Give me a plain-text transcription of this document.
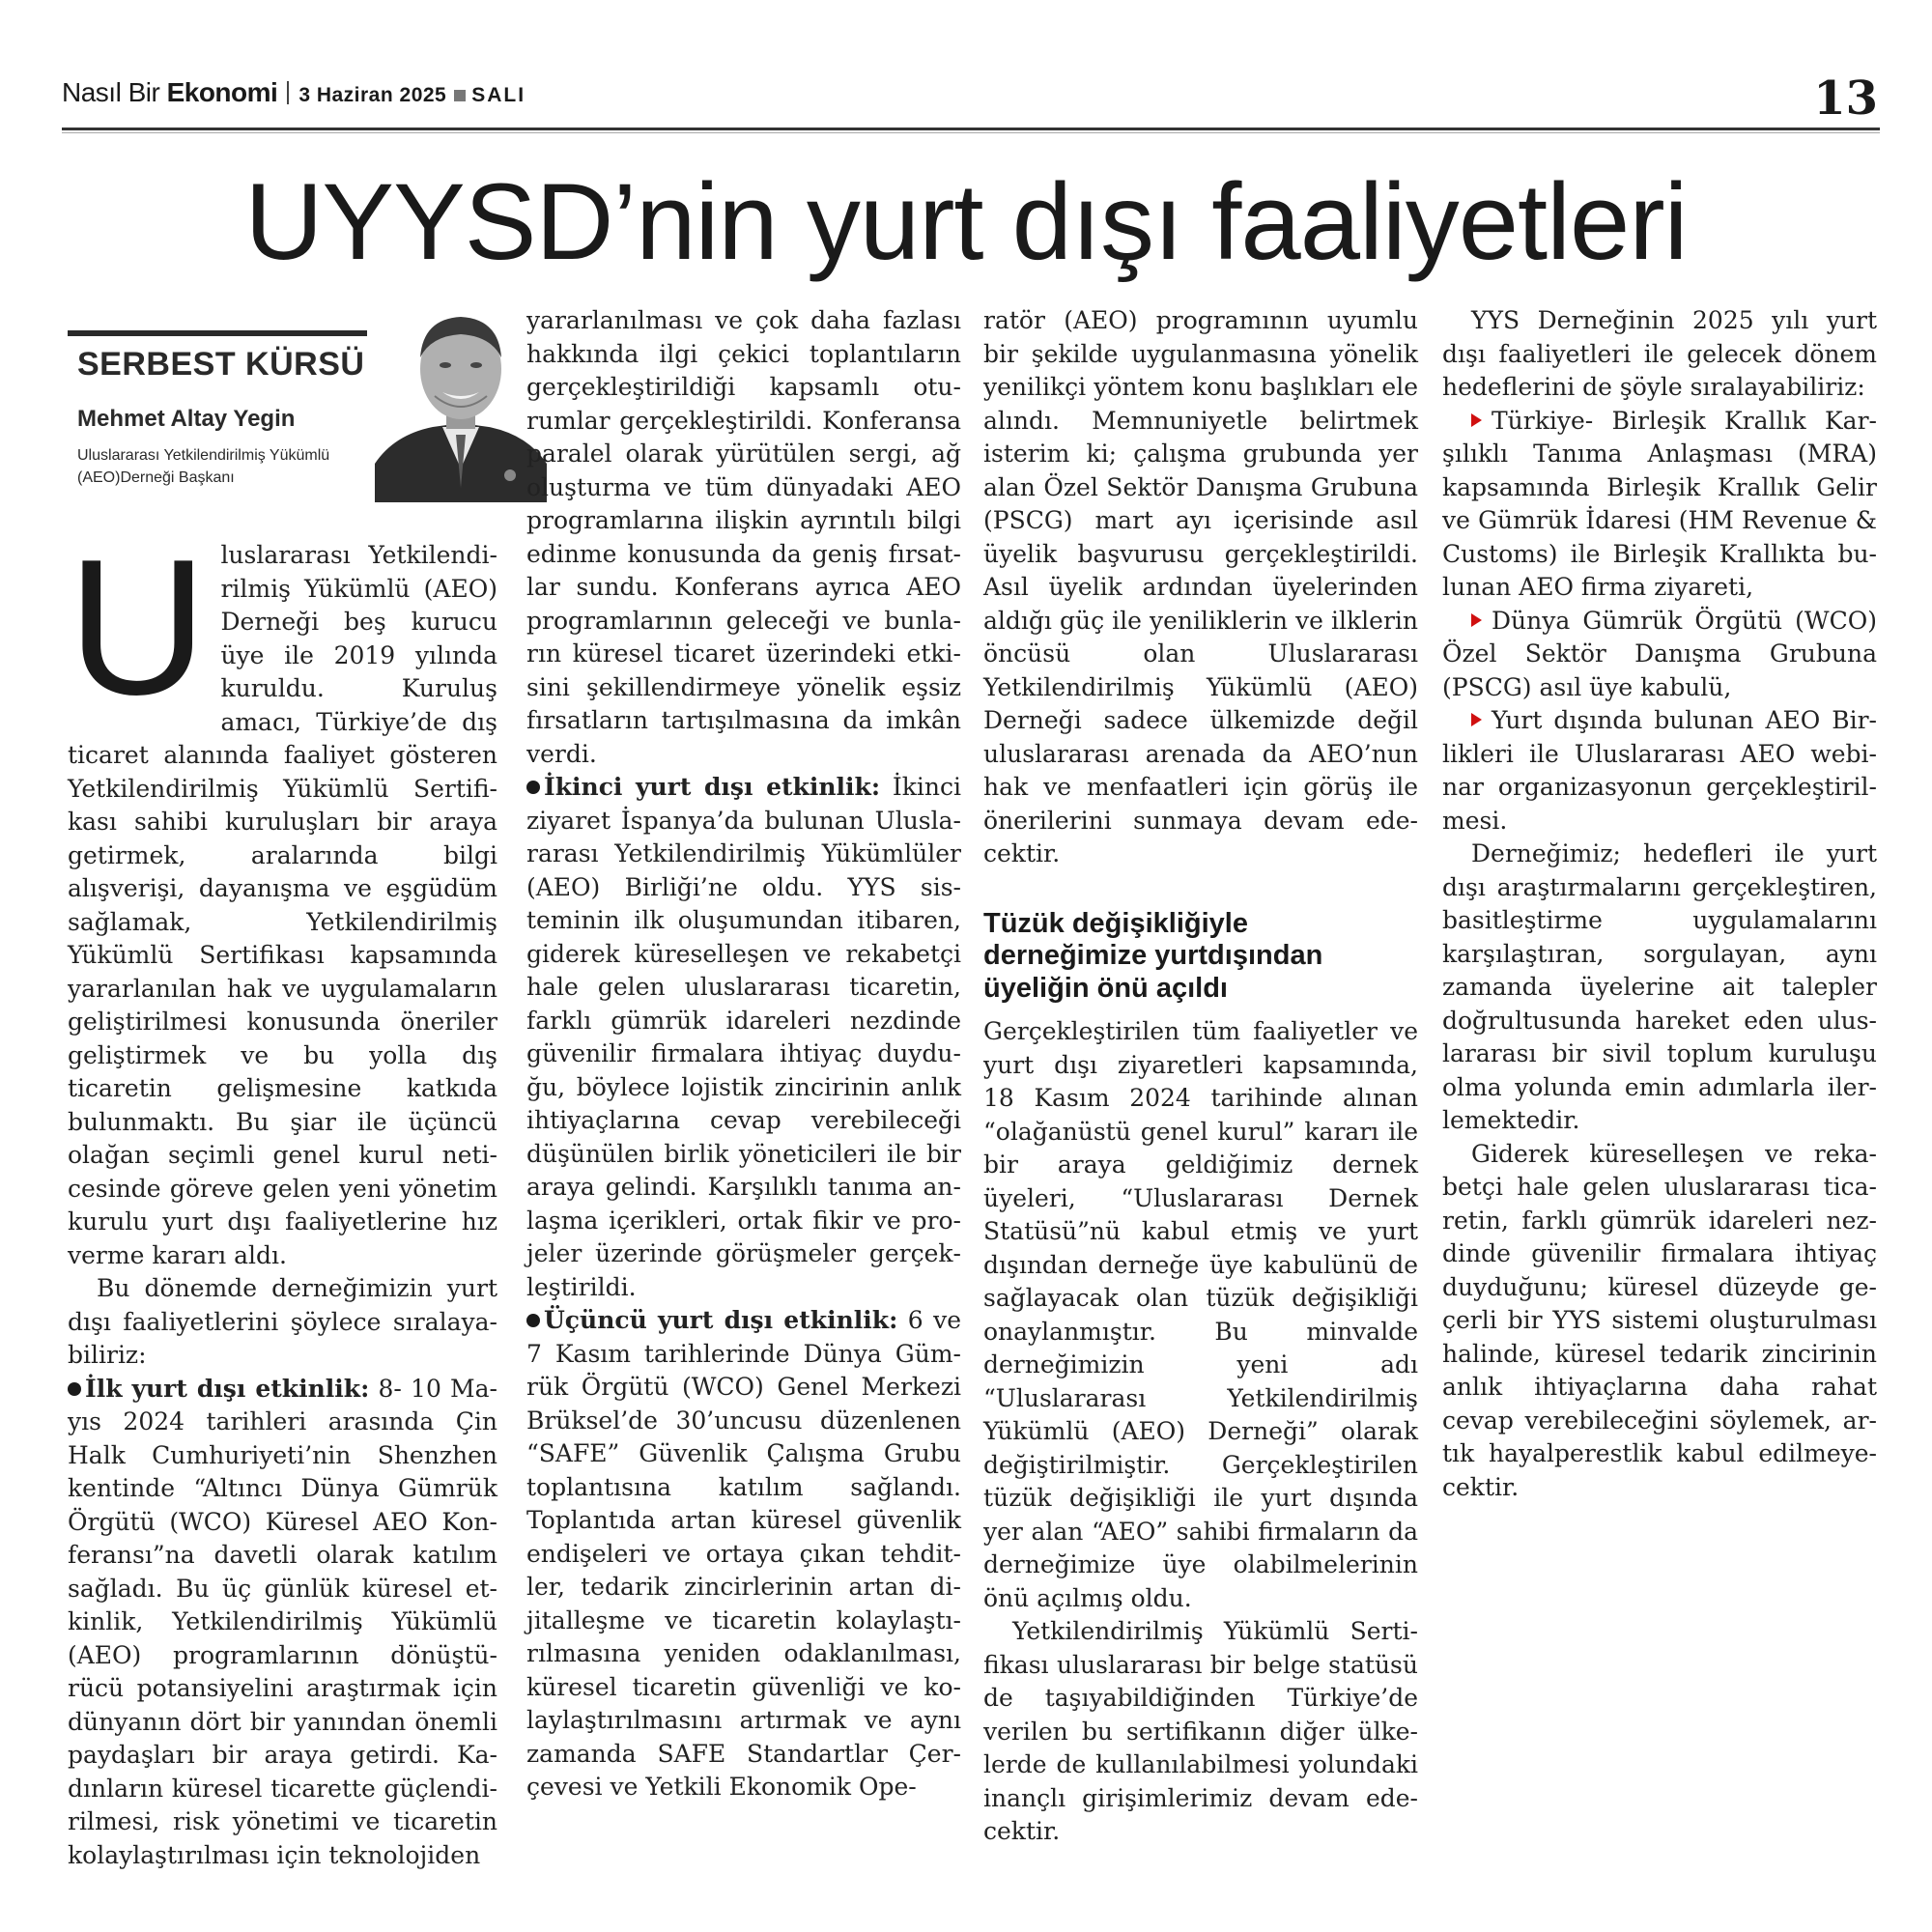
Nasıl Bir Ekonomi 3 Haziran 2025 SALI	13
UYYSD’nin yurt dışı faaliyetleri
SERBEST KÜRSÜ
Mehmet Altay Yegin
Uluslararası Yetkilendirilmiş Yükümlü (AEO)Derneği Başkanı

Uluslararası Yetkilendirilmiş Yükümlü (AEO) Derneği beş kurucu üye ile 2019 yılında kuruldu. Kuruluş amacı, Türkiye’de dış ticaret alanında faaliyet gösteren Yetkilendirilmiş Yükümlü Sertifikası sahibi kuruluşları bir araya getirmek, aralarında bilgi alışverişi, dayanışma ve eşgüdüm sağlamak, Yetkilendirilmiş Yükümlü Sertifikası kapsamında yararlanılan hak ve uygulamaların geliştirilmesi konusunda öneriler geliştirmek ve bu yolla dış ticaretin gelişmesine katkıda bulunmaktı. Bu şiar ile üçüncü olağan seçimli genel kurul neticesinde göreve gelen yeni yönetim kurulu yurt dışı faaliyetlerine hız verme kararı aldı.

Bu dönemde derneğimizin yurt dışı faaliyetlerini şöylece sıralayabiliriz:

İlk yurt dışı etkinlik: 8- 10 Mayıs 2024 tarihleri arasında Çin Halk Cumhuriyeti’nin Shenzhen kentinde “Altıncı Dünya Gümrük Örgütü (WCO) Küresel AEO Konferansı”na davetli olarak katılım sağladı. Bu üç günlük küresel etkinlik, Yetkilendirilmiş Yükümlü (AEO) programlarının dönüştürücü potansiyelini araştırmak için dünyanın dört bir yanından önemli paydaşları bir araya getirdi. Kadınların küresel ticarette güçlendirilmesi, risk yönetimi ve ticaretin kolaylaştırılması için teknolojiden

yararlanılması ve çok daha fazlası hakkında ilgi çekici toplantıların gerçekleştirildiği kapsamlı oturumlar gerçekleştirildi. Konferansa paralel olarak yürütülen sergi, ağ oluşturma ve tüm dünyadaki AEO programlarına ilişkin ayrıntılı bilgi edinme konusunda da geniş fırsatlar sundu. Konferans ayrıca AEO programlarının geleceği ve bunların küresel ticaret üzerindeki etkisini şekillendirmeye yönelik eşsiz fırsatların tartışılmasına da imkân verdi.

İkinci yurt dışı etkinlik: İkinci ziyaret İspanya’da bulunan Uluslararası Yetkilendirilmiş Yükümlüler (AEO) Birliği’ne oldu. YYS sisteminin ilk oluşumundan itibaren, giderek küreselleşen ve rekabetçi hale gelen uluslararası ticaretin, farklı gümrük idareleri nezdinde güvenilir firmalara ihtiyaç duyduğu, böylece lojistik zincirinin anlık ihtiyaçlarına cevap verebileceği düşünülen birlik yöneticileri ile bir araya gelindi. Karşılıklı tanıma anlaşma içerikleri, ortak fikir ve projeler üzerinde görüşmeler gerçekleştirildi.

Üçüncü yurt dışı etkinlik: 6 ve 7 Kasım tarihlerinde Dünya Gümrük Örgütü (WCO) Genel Merkezi Brüksel’de 30’uncusu düzenlenen “SAFE” Güvenlik Çalışma Grubu toplantısına katılım sağlandı. Toplantıda artan küresel güvenlik endişeleri ve ortaya çıkan tehditler, tedarik zincirlerinin artan dijitalleşme ve ticaretin kolaylaştırılmasına yeniden odaklanılması, küresel ticaretin güvenliği ve kolaylaştırılmasını artırmak ve aynı zamanda SAFE Standartlar Çerçevesi ve Yetkili Ekonomik Ope-

ratör (AEO) programının uyumlu bir şekilde uygulanmasına yönelik yenilikçi yöntem konu başlıkları ele alındı. Memnuniyetle belirtmek isterim ki; çalışma grubunda yer alan Özel Sektör Danışma Grubuna (PSCG) mart ayı içerisinde asıl üyelik başvurusu gerçekleştirildi. Asıl üyelik ardından üyelerinden aldığı güç ile yeniliklerin ve ilklerin öncüsü olan Uluslararası Yetkilendirilmiş Yükümlü (AEO) Derneği sadece ülkemizde değil uluslararası arenada da AEO’nun hak ve menfaatleri için görüş ile önerilerini sunmaya devam edecektir.

Tüzük değişikliğiyle derneğimize yurtdışından üyeliğin önü açıldı

Gerçekleştirilen tüm faaliyetler ve yurt dışı ziyaretleri kapsamında, 18 Kasım 2024 tarihinde alınan “olağanüstü genel kurul” kararı ile bir araya geldiğimiz dernek üyeleri, “Uluslararası Dernek Statüsü”nü kabul etmiş ve yurt dışından derneğe üye kabulünü de sağlayacak olan tüzük değişikliği onaylanmıştır. Bu minvalde derneğimizin yeni adı “Uluslararası Yetkilendirilmiş Yükümlü (AEO) Derneği” olarak değiştirilmiştir. Gerçekleştirilen tüzük değişikliği ile yurt dışında yer alan “AEO” sahibi firmaların da derneğimize üye olabilmelerinin önü açılmış oldu.

Yetkilendirilmiş Yükümlü Sertifikası uluslararası bir belge statüsü de taşıyabildiğinden Türkiye’de verilen bu sertifikanın diğer ülkelerde de kullanılabilmesi yolundaki inançlı girişimlerimiz devam edecektir.

YYS Derneğinin 2025 yılı yurt dışı faaliyetleri ile gelecek dönem hedeflerini de şöyle sıralayabiliriz:

Türkiye- Birleşik Krallık Karşılıklı Tanıma Anlaşması (MRA) kapsamında Birleşik Krallık Gelir ve Gümrük İdaresi (HM Revenue & Customs) ile Birleşik Krallıkta bulunan AEO firma ziyareti,

Dünya Gümrük Örgütü (WCO) Özel Sektör Danışma Grubuna (PSCG) asıl üye kabulü,

Yurt dışında bulunan AEO Birlikleri ile Uluslararası AEO webinar organizasyonun gerçekleştirilmesi.

Derneğimiz; hedefleri ile yurt dışı araştırmalarını gerçekleştiren, basitleştirme uygulamalarını karşılaştıran, sorgulayan, aynı zamanda üyelerine ait talepler doğrultusunda hareket eden uluslararası bir sivil toplum kuruluşu olma yolunda emin adımlarla ilerlemektedir.

Giderek küreselleşen ve rekabetçi hale gelen uluslararası ticaretin, farklı gümrük idareleri nezdinde güvenilir firmalara ihtiyaç duyduğunu; küresel düzeyde geçerli bir YYS sistemi oluşturulması halinde, küresel tedarik zincirinin anlık ihtiyaçlarına daha rahat cevap verebileceğini söylemek, artık hayalperestlik kabul edilmeyecektir.
